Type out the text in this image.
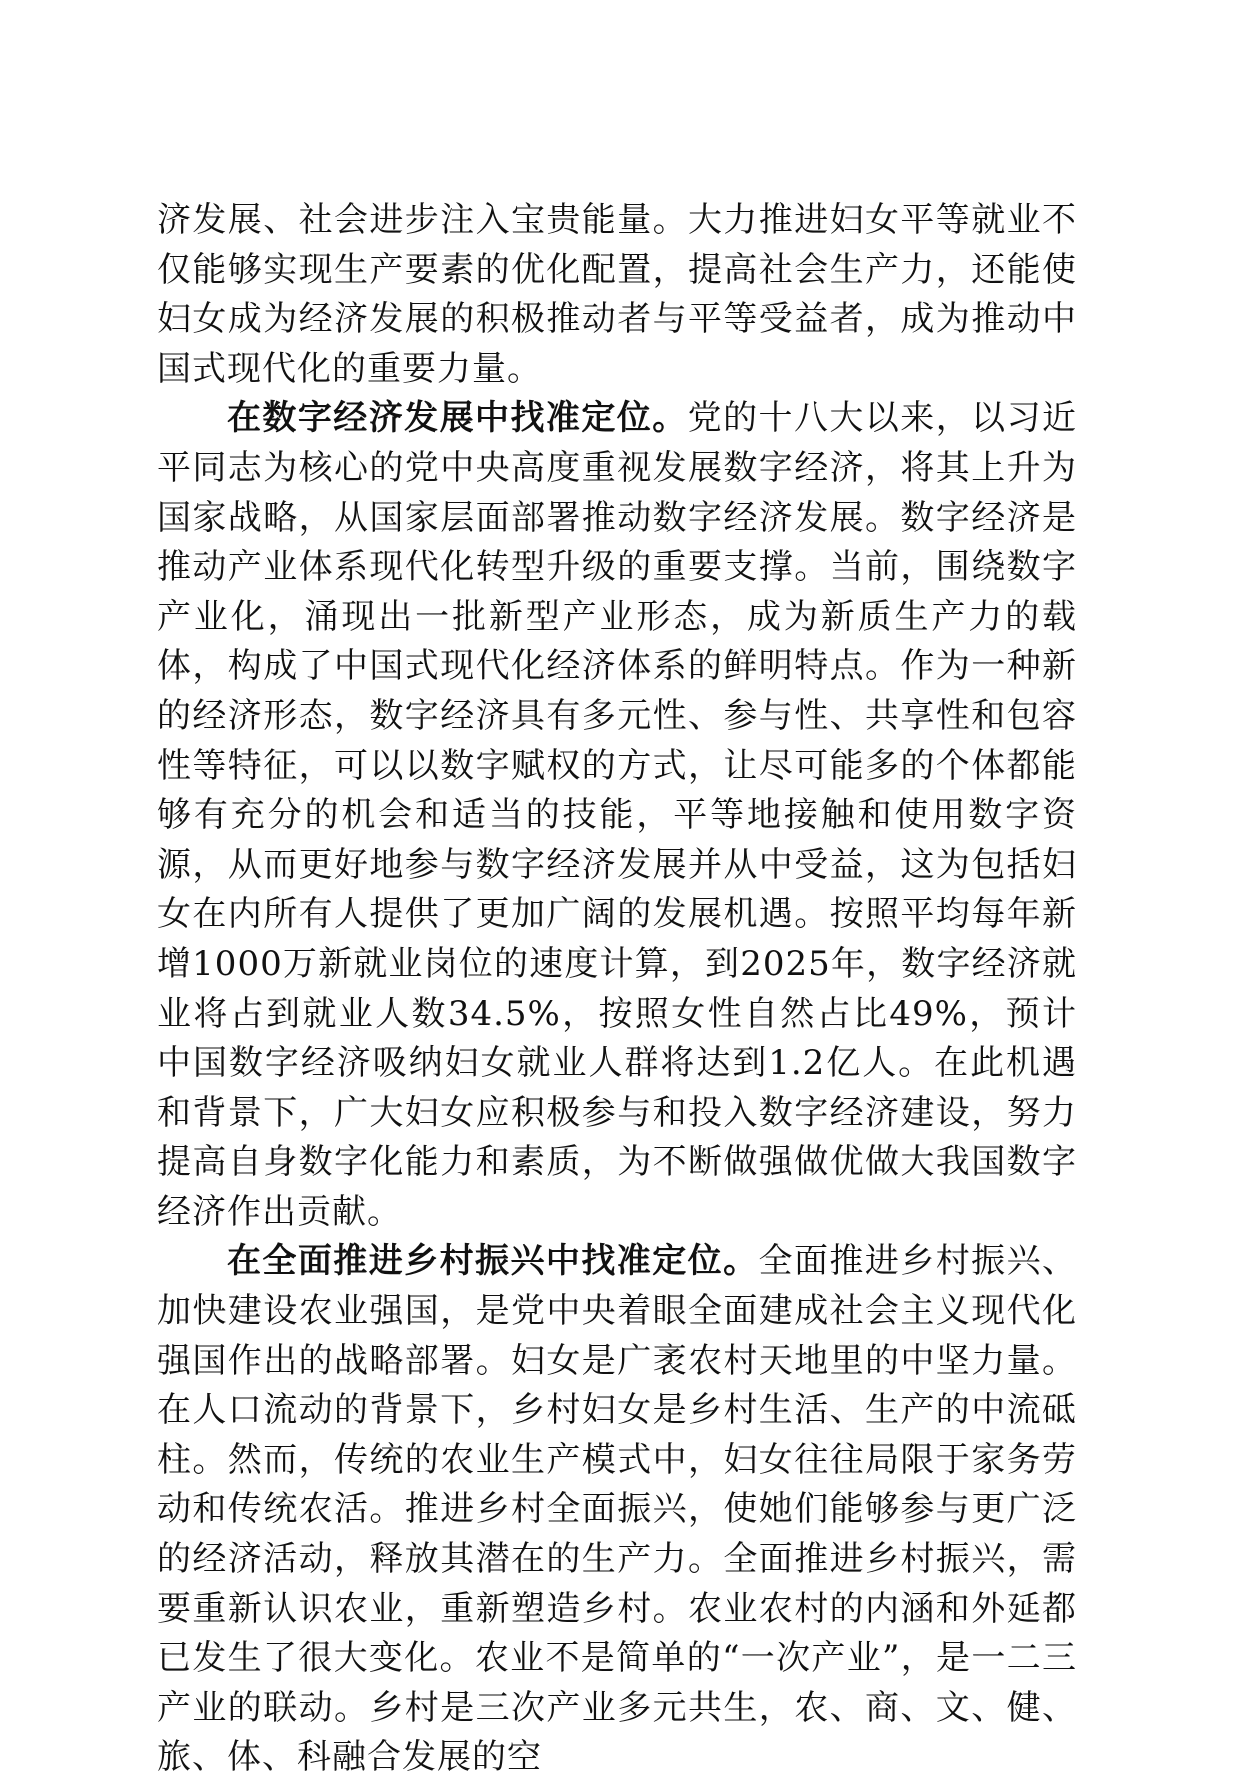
济发展、社会进步注入宝贵能量。大力推进妇女平等就业不仅能够实现生产要素的优化配置，提高社会生产力，还能使妇女成为经济发展的积极推动者与平等受益者，成为推动中国式现代化的重要力量。

在数字经济发展中找准定位。党的十八大以来，以习近平同志为核心的党中央高度重视发展数字经济，将其上升为国家战略，从国家层面部署推动数字经济发展。数字经济是推动产业体系现代化转型升级的重要支撑。当前，围绕数字产业化，涌现出一批新型产业形态，成为新质生产力的载体，构成了中国式现代化经济体系的鲜明特点。作为一种新的经济形态，数字经济具有多元性、参与性、共享性和包容性等特征，可以以数字赋权的方式，让尽可能多的个体都能够有充分的机会和适当的技能，平等地接触和使用数字资源，从而更好地参与数字经济发展并从中受益，这为包括妇女在内所有人提供了更加广阔的发展机遇。按照平均每年新增1000万新就业岗位的速度计算，到2025年，数字经济就业将占到就业人数34.5%，按照女性自然占比49%，预计中国数字经济吸纳妇女就业人群将达到1.2亿人。在此机遇和背景下，广大妇女应积极参与和投入数字经济建设，努力提高自身数字化能力和素质，为不断做强做优做大我国数字经济作出贡献。

在全面推进乡村振兴中找准定位。全面推进乡村振兴、加快建设农业强国，是党中央着眼全面建成社会主义现代化强国作出的战略部署。妇女是广袤农村天地里的中坚力量。在人口流动的背景下，乡村妇女是乡村生活、生产的中流砥柱。然而，传统的农业生产模式中，妇女往往局限于家务劳动和传统农活。推进乡村全面振兴，使她们能够参与更广泛的经济活动，释放其潜在的生产力。全面推进乡村振兴，需要重新认识农业，重新塑造乡村。农业农村的内涵和外延都已发生了很大变化。农业不是简单的“一次产业”，是一二三产业的联动。乡村是三次产业多元共生，农、商、文、健、旅、体、科融合发展的空
